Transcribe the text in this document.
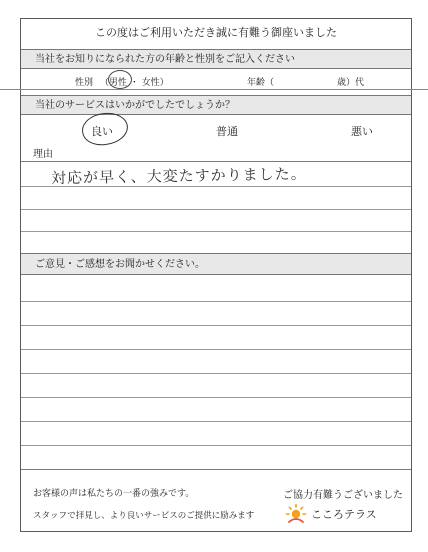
この度はご利用いただき誠に有難う御座いました
当社をお知りになられた方の年齢と性別をご記入ください
性別 （男性 ・ 女性）	年齢（	歳）代
当社のサービスはいかがでしたでしょうか？
良い	普通	悪い
理由
対応が早く、大変たすかりました。
ご意見・ご感想をお聞かせください。
お客様の声は私たちの一番の強みです。
スタッフで拝見し、より良いサービスのご提供に励みます
ご協力有難うございました
こころテラス
